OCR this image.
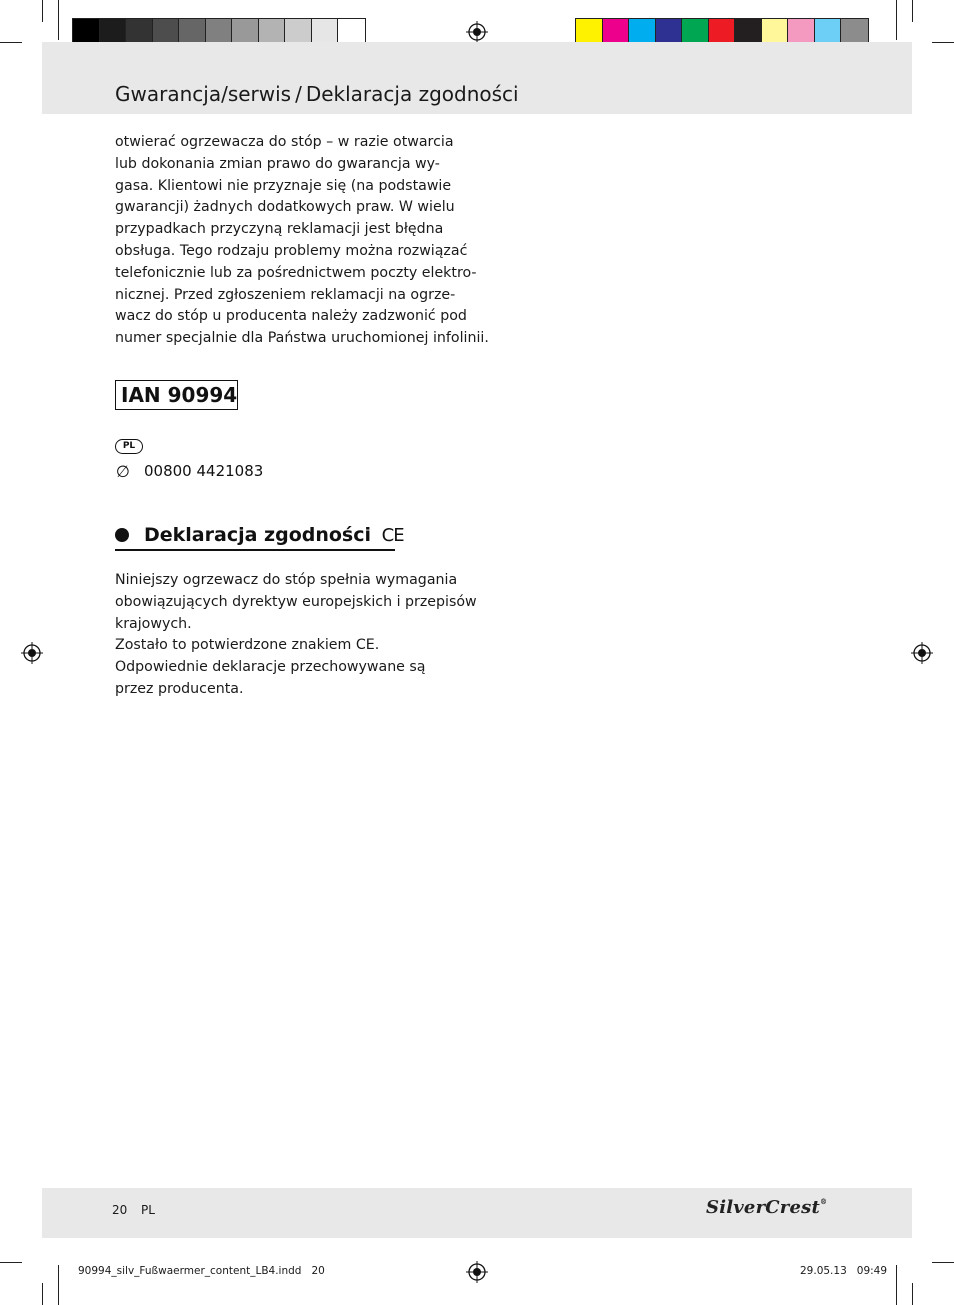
Gwarancja/serwis / Deklaracja zgodności
otwierać ogrzewacza do stóp – w razie otwarcia
lub dokonania zmian prawo do gwarancja wy-
gasa. Klientowi nie przyznaje się (na podstawie
gwarancji) żadnych dodatkowych praw. W wielu
przypadkach przyczyną reklamacji jest błędna
obsługa. Tego rodzaju problemy można rozwiązać
telefonicznie lub za pośrednictwem poczty elektro-
nicznej. Przed zgłoszeniem reklamacji na ogrze-
wacz do stóp u producenta należy zadzwonić pod
numer specjalnie dla Państwa uruchomionej infolinii.
IAN 90994
PL
∅ 00800 4421083
Deklaracja zgodności CE
Niniejszy ogrzewacz do stóp spełnia wymagania
obowiązujących dyrektyw europejskich i przepisów
krajowych.
Zostało to potwierdzone znakiem CE.
Odpowiednie deklaracje przechowywane są
przez producenta.
20 PL	SilverCrest®
90994_silv_Fußwaermer_content_LB4.indd   20	29.05.13   09:49
